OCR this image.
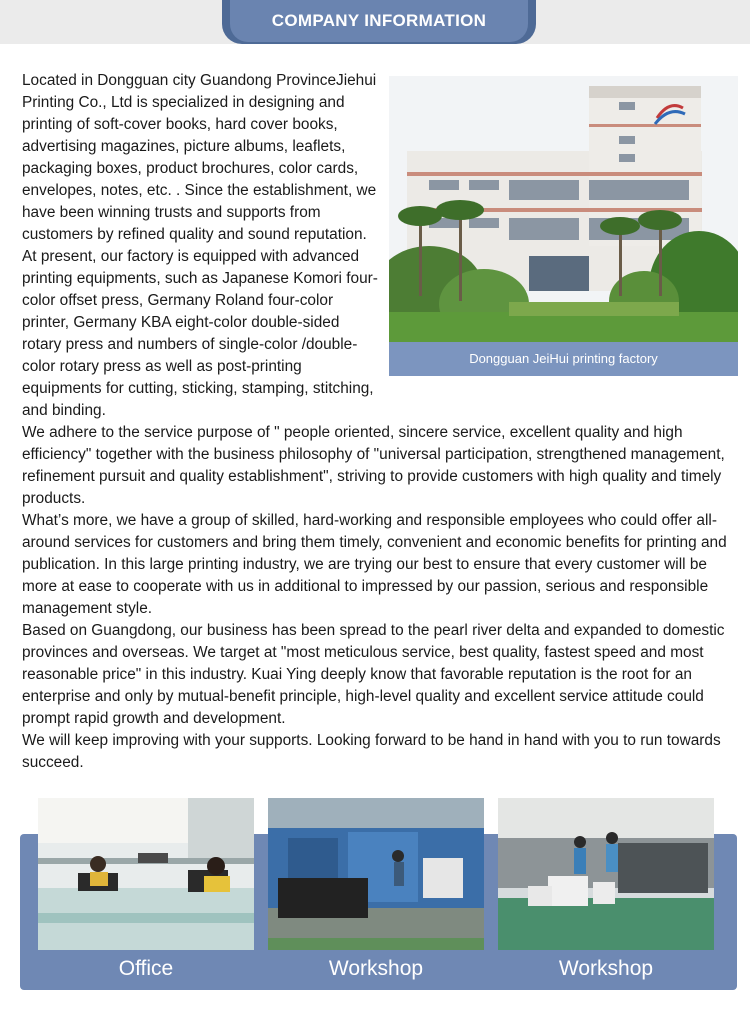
COMPANY INFORMATION
Dongguan JeiHui printing factory

Located in Dongguan city Guandong ProvinceJiehui Printing Co., Ltd is specialized in designing and printing of soft-cover books, hard cover books, advertising magazines, picture albums, leaflets, packaging boxes, product brochures, color cards, envelopes, notes, etc. . Since the establishment, we have been winning trusts and supports from customers by refined quality and sound reputation. At present, our factory is equipped with advanced printing equipments, such as Japanese Komori four-color offset press, Germany Roland four-color printer, Germany KBA eight-color double-sided rotary press and numbers of single-color /double-color rotary press as well as post-printing equipments for cutting, sticking, stamping, stitching, and binding.

We adhere to the service purpose of " people oriented, sincere service, excellent quality and high efficiency" together with the business philosophy of "universal participation, strengthened management, refinement pursuit and quality establishment", striving to provide customers with high quality and timely products.

What’s more, we have a group of skilled, hard-working and responsible employees who could offer all-around services for customers and bring them timely, convenient and economic benefits for printing and publication. In this large printing industry, we are trying our best to ensure that every customer will be more at ease to cooperate with us in additional to impressed by our passion, serious and responsible management style.

Based on Guangdong, our business has been spread to the pearl river delta and expanded to domestic provinces and overseas. We target at "most meticulous service, best quality, fastest speed and most reasonable price" in this industry. Kuai Ying deeply know that favorable reputation is the root for an enterprise and only by mutual-benefit principle, high-level quality and excellent service attitude could prompt rapid growth and development.

We will keep improving with your supports. Looking forward to be hand in hand with you to run towards succeed.

Office	Workshop	Workshop
